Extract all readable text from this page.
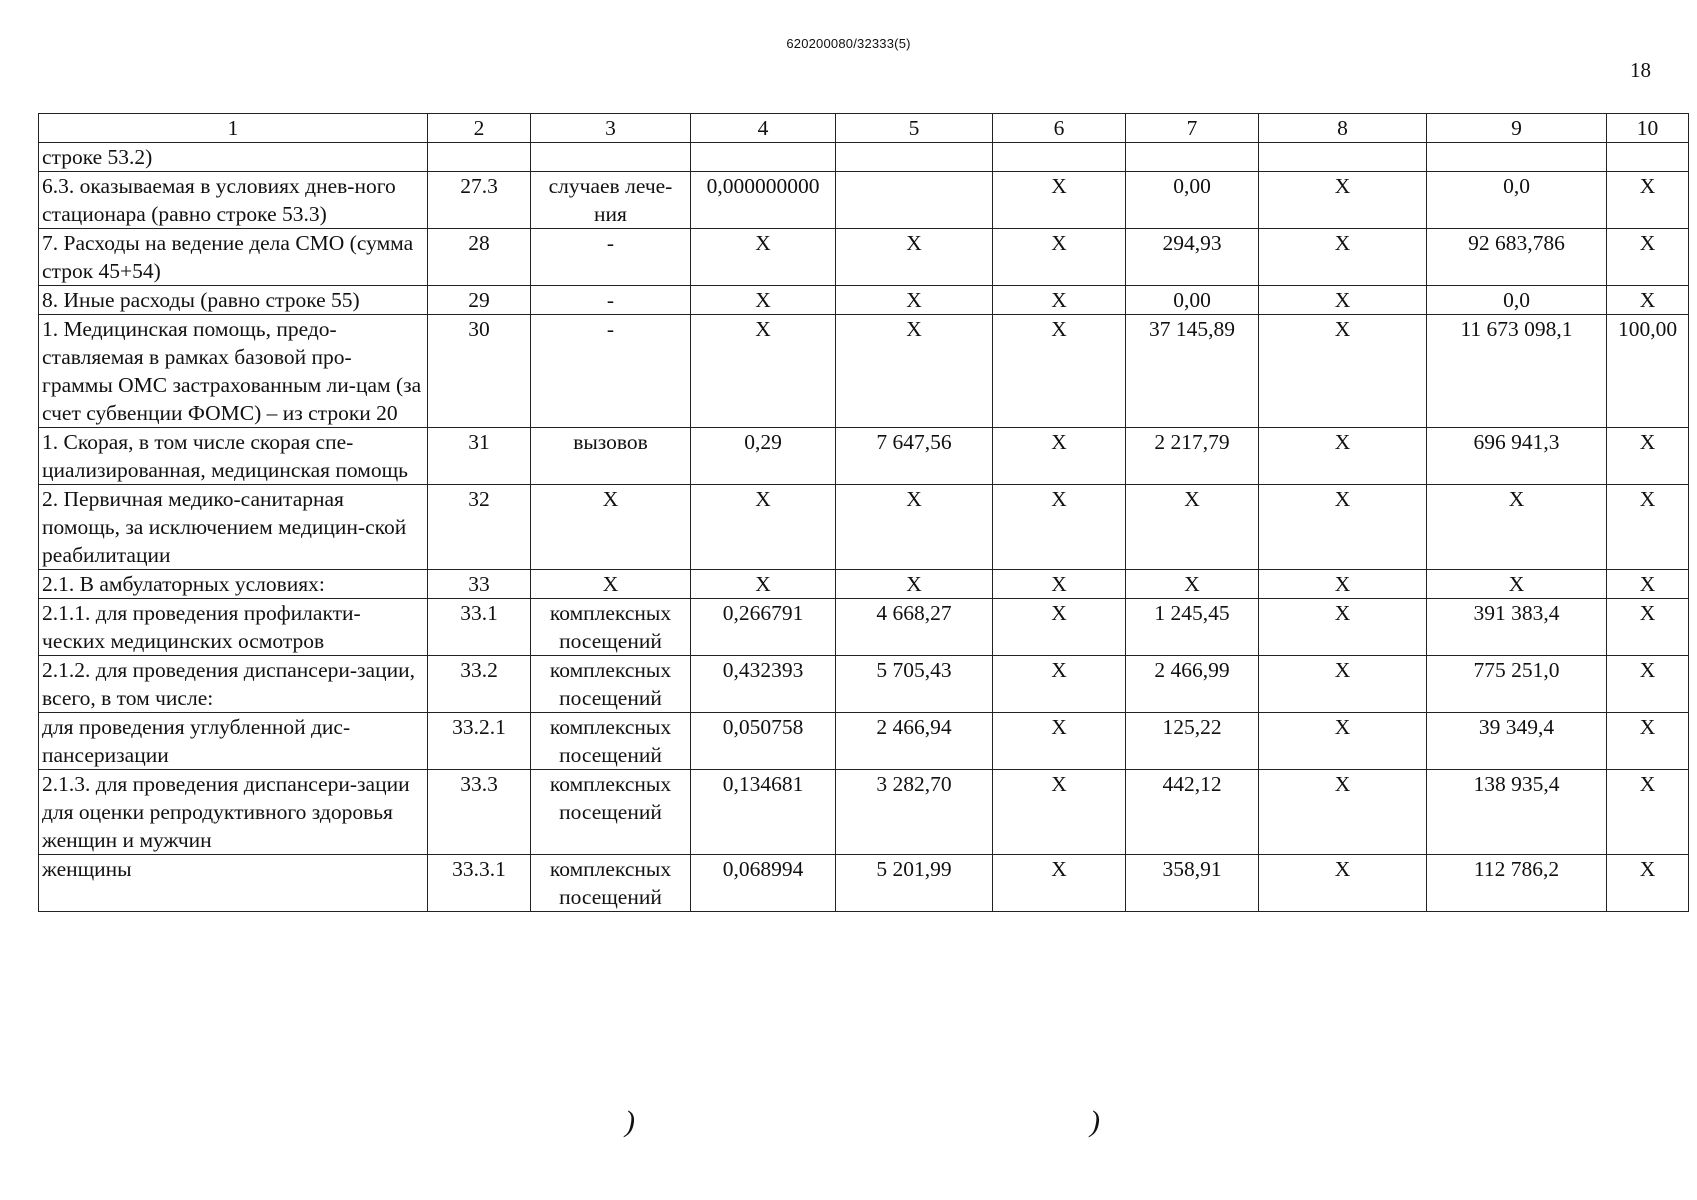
620200080/32333(5)
18
1	2	3	4	5	6	7	8	9	10
строке 53.2)									
6.3. оказываемая в условиях днев-ного стационара (равно строке 53.3)	27.3	случаев лече-ния	0,000000000		X	0,00	X	0,0	X
7. Расходы на ведение дела СМО (сумма строк 45+54)	28	-	X	X	X	294,93	X	92 683,786	X
8. Иные расходы (равно строке 55)	29	-	X	X	X	0,00	X	0,0	X
1. Медицинская помощь, предо-ставляемая в рамках базовой про-граммы ОМС застрахованным ли-цам (за счет субвенции ФОМС) – из строки 20	30	-	X	X	X	37 145,89	X	11 673 098,1	100,00
1. Скорая, в том числе скорая спе-циализированная, медицинская помощь	31	вызовов	0,29	7 647,56	X	2 217,79	X	696 941,3	X
2. Первичная медико-санитарная помощь, за исключением медицин-ской реабилитации	32	X	X	X	X	X	X	X	X
2.1. В амбулаторных условиях:	33	X	X	X	X	X	X	X	X
2.1.1. для проведения профилакти-ческих медицинских осмотров	33.1	комплексных посещений	0,266791	4 668,27	X	1 245,45	X	391 383,4	X
2.1.2. для проведения диспансери-зации, всего, в том числе:	33.2	комплексных посещений	0,432393	5 705,43	X	2 466,99	X	775 251,0	X
для проведения углубленной дис-пансеризации	33.2.1	комплексных посещений	0,050758	2 466,94	X	125,22	X	39 349,4	X
2.1.3. для проведения диспансери-зации для оценки репродуктивного здоровья женщин и мужчин	33.3	комплексных посещений	0,134681	3 282,70	X	442,12	X	138 935,4	X
женщины	33.3.1	комплексных посещений	0,068994	5 201,99	X	358,91	X	112 786,2	X
)	)
